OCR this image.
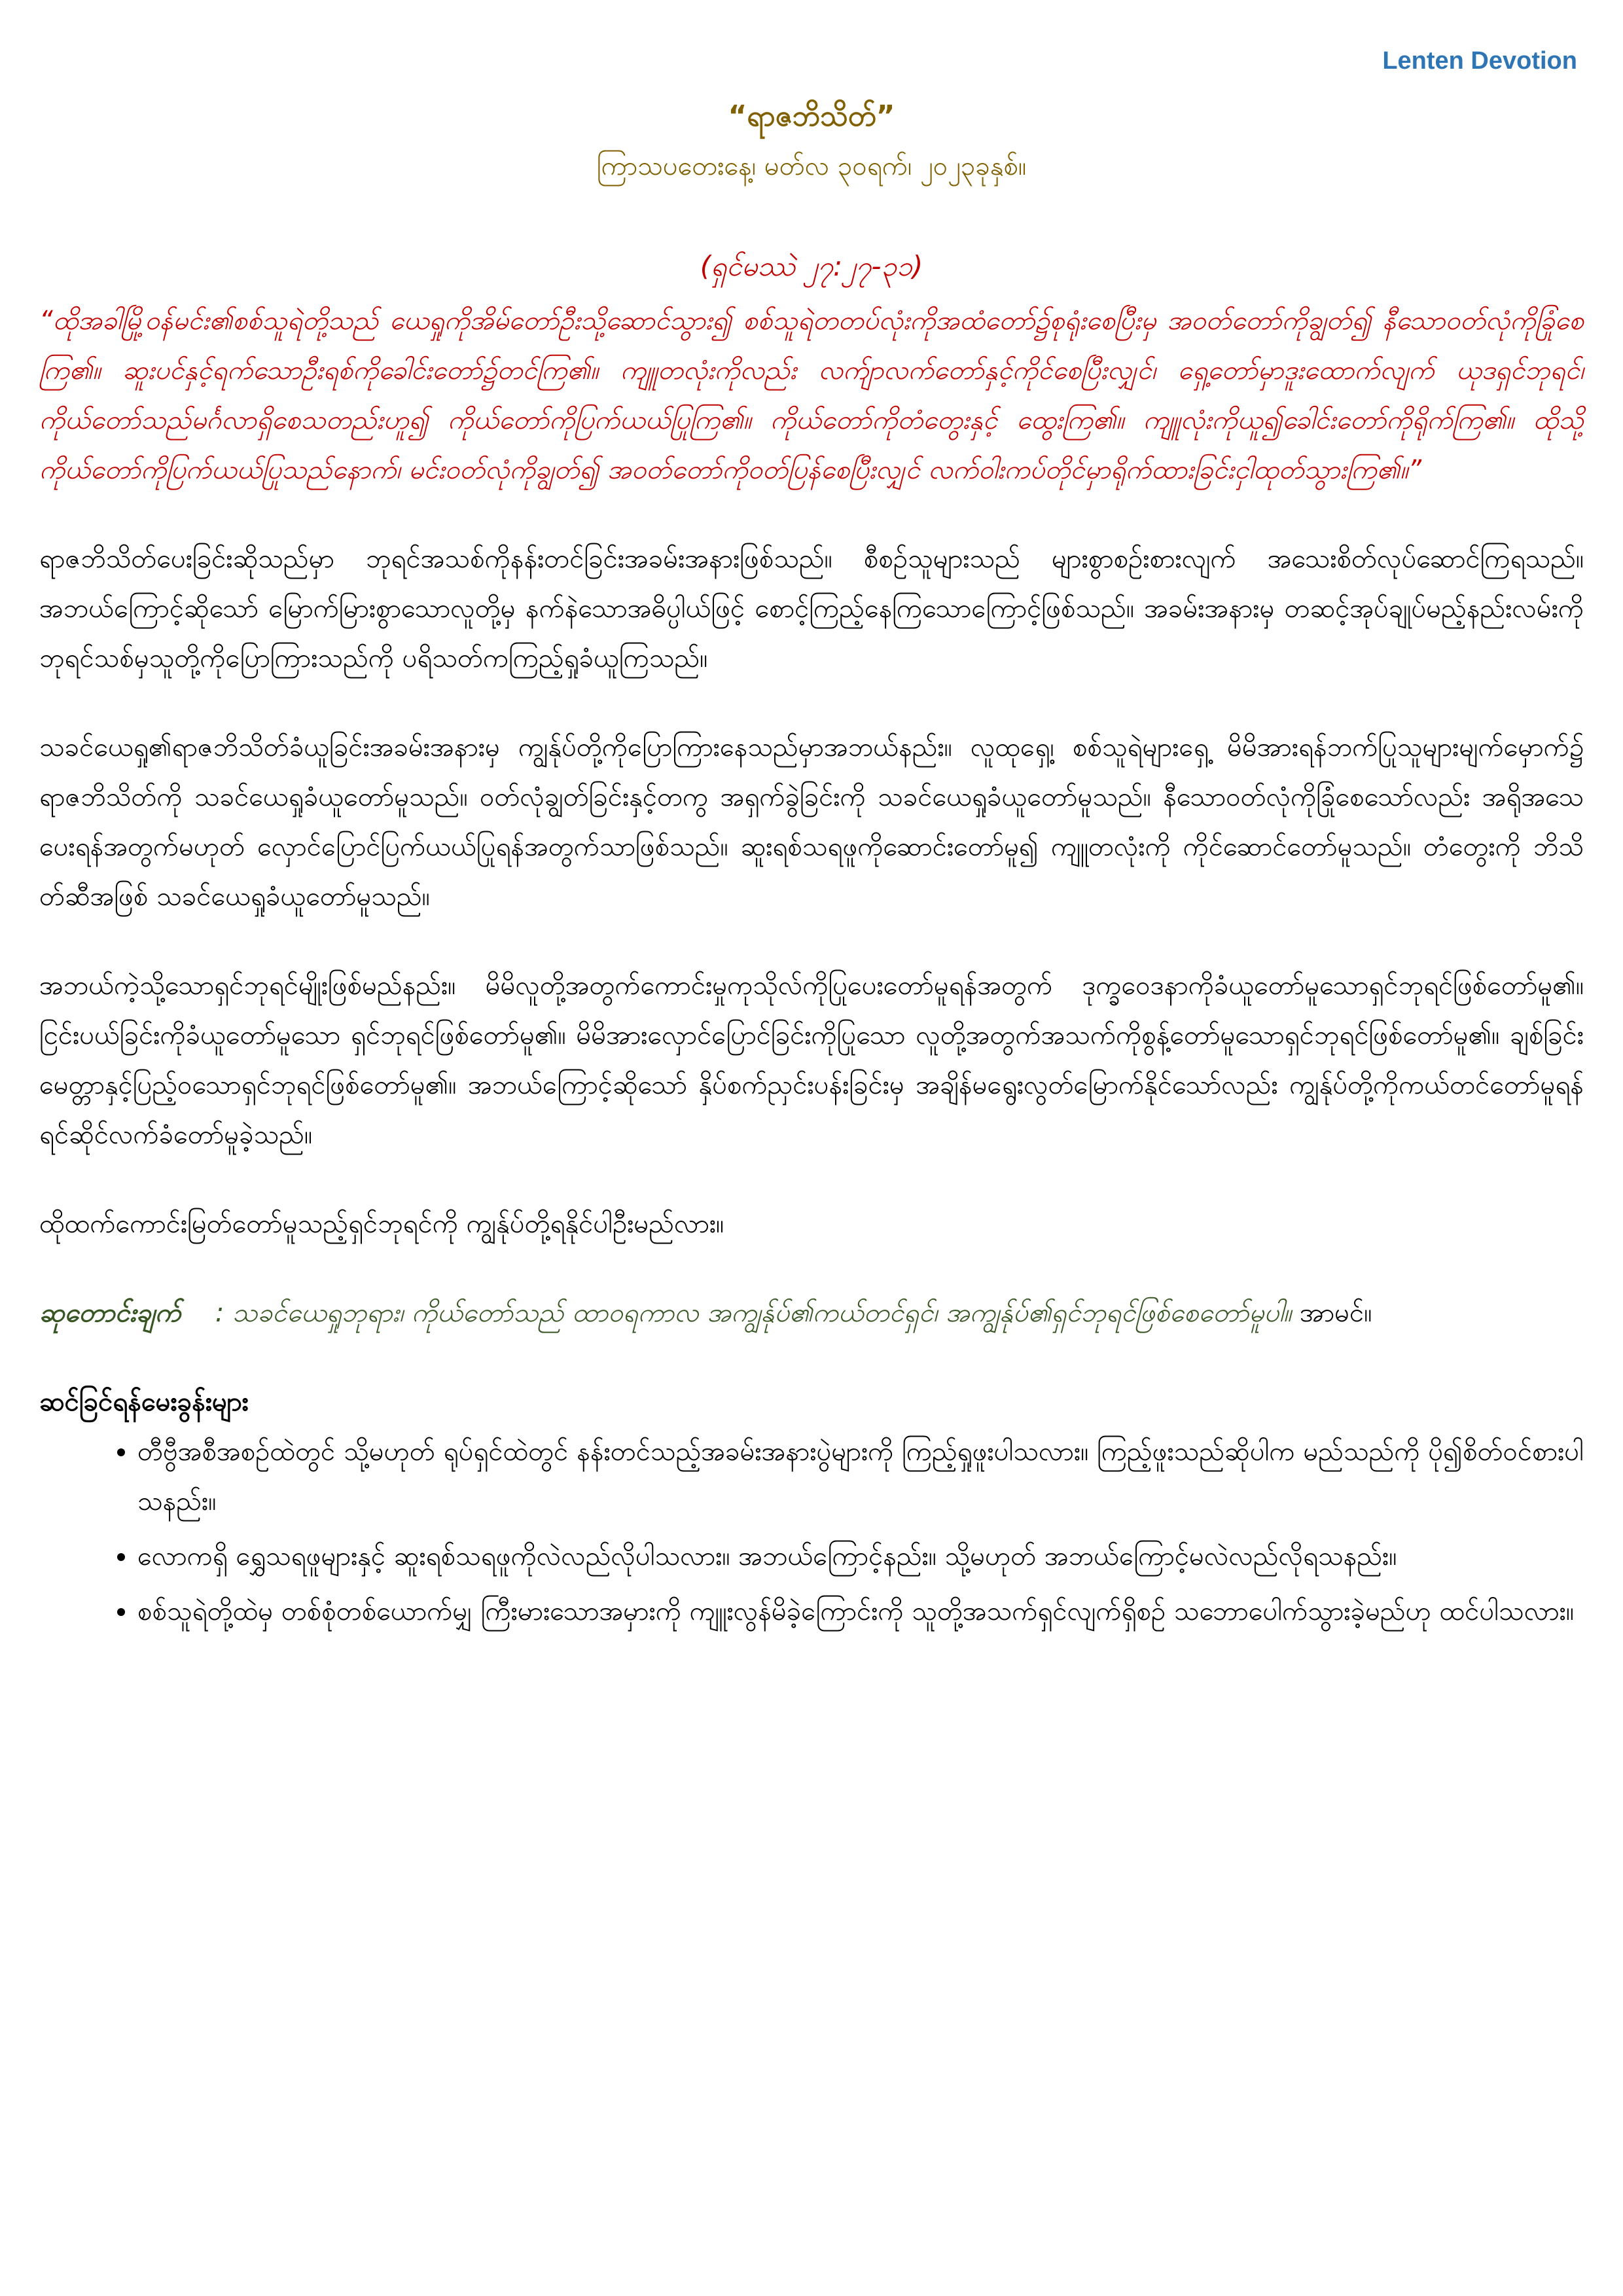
Lenten Devotion
“ရာဇဘိသိတ်”
ကြာသပတေးနေ့၊ မတ်လ ၃၀ရက်၊ ၂၀၂၃ခုနှစ်။

(ရှင်မဿဲ ၂၇:၂၇-၃၁)

“ထိုအခါမြို့ဝန်မင်း၏စစ်သူရဲတို့သည် ယေရှုကိုအိမ်တော်ဦးသို့ဆောင်သွား၍ စစ်သူရဲတတပ်လုံးကိုအထံတော်၌စုရုံးစေပြီးမှ အဝတ်တော်ကိုချွတ်၍ နီသောဝတ်လုံကိုခြုံစေကြ၏။ ဆူးပင်နှင့်ရက်သောဦးရစ်ကိုခေါင်းတော်၌တင်ကြ၏။ ကျူတလုံးကိုလည်း လက်ျာလက်တော်နှင့်ကိုင်စေပြီးလျှင်၊ ရှေ့တော်မှာဒူးထောက်လျက် ယုဒရှင်ဘုရင်၊ ကိုယ်တော်သည်မင်္ဂလာရှိစေသတည်းဟူ၍ ကိုယ်တော်ကိုပြက်ယယ်ပြုကြ၏။ ကိုယ်တော်ကိုတံတွေးနှင့် ထွေးကြ၏။ ကျူလုံးကိုယူ၍ခေါင်းတော်ကိုရိုက်ကြ၏။ ထိုသို့ကိုယ်တော်ကိုပြက်ယယ်ပြုသည်နောက်၊ မင်းဝတ်လုံကိုချွတ်၍ အဝတ်တော်ကိုဝတ်ပြန်စေပြီးလျှင် လက်ဝါးကပ်တိုင်မှာရိုက်ထားခြင်းငှါထုတ်သွားကြ၏။”

ရာဇဘိသိတ်ပေးခြင်းဆိုသည်မှာ ဘုရင်အသစ်ကိုနန်းတင်ခြင်းအခမ်းအနားဖြစ်သည်။ စီစဉ်သူများသည် များစွာစဉ်းစားလျက် အသေးစိတ်လုပ်ဆောင်ကြရသည်။ အဘယ်ကြောင့်ဆိုသော် မြောက်မြားစွာသောလူတို့မှ နက်နဲသောအဓိပ္ပါယ်ဖြင့် စောင့်ကြည့်နေကြသောကြောင့်ဖြစ်သည်။ အခမ်းအနားမှ တဆင့်အုပ်ချုပ်မည့်နည်းလမ်းကို ဘုရင်သစ်မှသူတို့ကိုပြောကြားသည်ကို ပရိသတ်ကကြည့်ရှုခံယူကြသည်။

သခင်ယေရှု၏ရာဇဘိသိတ်ခံယူခြင်းအခမ်းအနားမှ ကျွန်ုပ်တို့ကိုပြောကြားနေသည်မှာအဘယ်နည်း။ လူထုရှေ့၊ စစ်သူရဲများရှေ့ မိမိအားရန်ဘက်ပြုသူများမျက်မှောက်၌ ရာဇဘိသိတ်ကို သခင်ယေရှုခံယူတော်မူသည်။ ဝတ်လုံချွတ်ခြင်းနှင့်တကွ အရှက်ခွဲခြင်းကို သခင်ယေရှုခံယူတော်မူသည်။ နီသောဝတ်လုံကိုခြုံစေသော်လည်း အရိုအသေပေးရန်အတွက်မဟုတ် လှောင်ပြောင်ပြက်ယယ်ပြုရန်အတွက်သာဖြစ်သည်။ ဆူးရစ်သရဖူကိုဆောင်းတော်မူ၍ ကျူတလုံးကို ကိုင်ဆောင်တော်မူသည်။ တံတွေးကို ဘိသိတ်ဆီအဖြစ် သခင်ယေရှုခံယူတော်မူသည်။

အဘယ်ကဲ့သို့သောရှင်ဘုရင်မျိုးဖြစ်မည်နည်း။ မိမိလူတို့အတွက်ကောင်းမှုကုသိုလ်ကိုပြုပေးတော်မူရန်အတွက် ဒုက္ခဝေဒနာကိုခံယူတော်မူသောရှင်ဘုရင်ဖြစ်တော်မူ၏။ ငြင်းပယ်ခြင်းကိုခံယူတော်မူသော ရှင်ဘုရင်ဖြစ်တော်မူ၏။ မိမိအားလှောင်ပြောင်ခြင်းကိုပြုသော လူတို့အတွက်အသက်ကိုစွန့်တော်မူသောရှင်ဘုရင်ဖြစ်တော်မူ၏။ ချစ်ခြင်းမေတ္တာနှင့်ပြည့်ဝသောရှင်ဘုရင်ဖြစ်တော်မူ၏။ အဘယ်ကြောင့်ဆိုသော် နှိပ်စက်ညှင်းပန်းခြင်းမှ အချိန်မရွေးလွတ်မြောက်နိုင်သော်လည်း ကျွန်ုပ်တို့ကိုကယ်တင်တော်မူရန် ရင်ဆိုင်လက်ခံတော်မူခဲ့သည်။

ထိုထက်ကောင်းမြတ်တော်မူသည့်ရှင်ဘုရင်ကို ကျွန်ုပ်တို့ရနိုင်ပါဦးမည်လား။

ဆုတောင်းချက် : သခင်ယေရှုဘုရား၊ ကိုယ်တော်သည် ထာဝရကာလ အကျွန်ုပ်၏ကယ်တင်ရှင်၊ အကျွန်ုပ်၏ရှင်ဘုရင်ဖြစ်စေတော်မူပါ။ အာမင်။

ဆင်ခြင်ရန်မေးခွန်းများ

• တီဗွီအစီအစဉ်ထဲတွင် သို့မဟုတ် ရုပ်ရှင်ထဲတွင် နန်းတင်သည့်အခမ်းအနားပွဲများကို ကြည့်ရှုဖူးပါသလား။ ကြည့်ဖူးသည်ဆိုပါက မည်သည်ကို ပို၍စိတ်ဝင်စားပါသနည်း။
• လောကရှိ ရွှေသရဖူများနှင့် ဆူးရစ်သရဖူကိုလဲလည်လိုပါသလား။ အဘယ်ကြောင့်နည်း။ သို့မဟုတ် အဘယ်ကြောင့်မလဲလည်လိုရသနည်း။
• စစ်သူရဲတို့ထဲမှ တစ်စုံတစ်ယောက်မျှ ကြီးမားသောအမှားကို ကျူးလွန်မိခဲ့ကြောင်းကို သူတို့အသက်ရှင်လျက်ရှိစဉ် သဘောပေါက်သွားခဲ့မည်ဟု ထင်ပါသလား။
